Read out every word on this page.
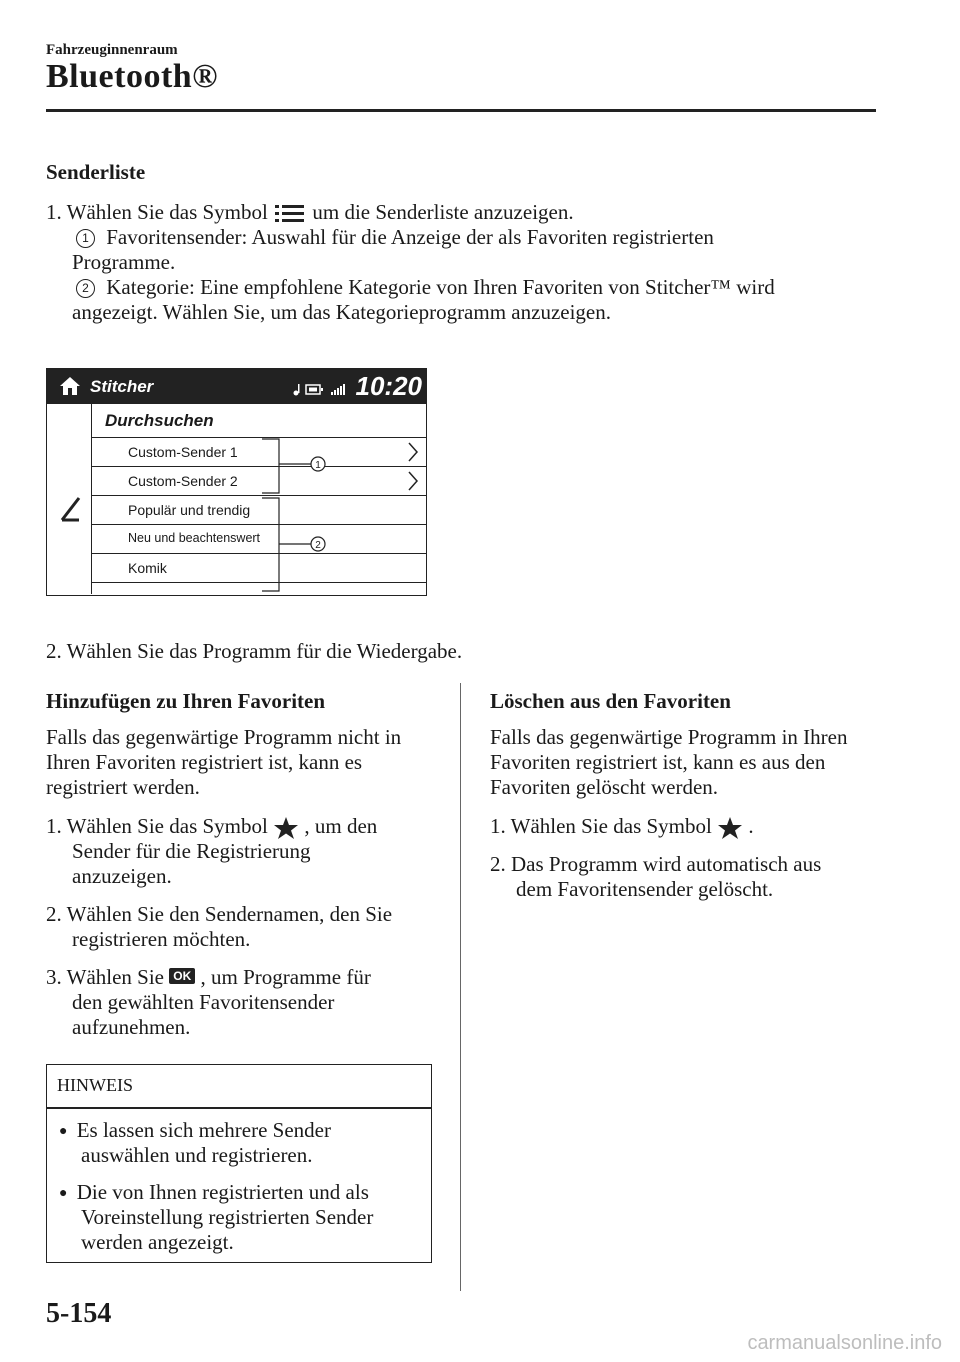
Fahrzeuginnenraum
Bluetooth®
Senderliste
1. Wählen Sie das Symbol um die Senderliste anzuzeigen.
1 Favoritensender: Auswahl für die Anzeige der als Favoriten registrierten
Programme.
2 Kategorie: Eine empfohlene Kategorie von Ihren Favoriten von Stitcher™ wird
angezeigt. Wählen Sie, um das Kategorieprogramm anzuzeigen.
Stitcher	10:20
Durchsuchen
Custom-Sender 1
Custom-Sender 2
Populär und trendig
Neu und beachtenswert
Komik
1
2
2. Wählen Sie das Programm für die Wiedergabe.
Hinzufügen zu Ihren Favoriten
Falls das gegenwärtige Programm nicht in
Ihren Favoriten registriert ist, kann es
registriert werden.
1. Wählen Sie das Symbol , um den
Sender für die Registrierung
anzuzeigen.
2. Wählen Sie den Sendernamen, den Sie
registrieren möchten.
3. Wählen Sie OK , um Programme für
den gewählten Favoritensender
aufzunehmen.
HINWEIS
● Es lassen sich mehrere Sender
auswählen und registrieren.
● Die von Ihnen registrierten und als
Voreinstellung registrierten Sender
werden angezeigt.
Löschen aus den Favoriten
Falls das gegenwärtige Programm in Ihren
Favoriten registriert ist, kann es aus den
Favoriten gelöscht werden.
1. Wählen Sie das Symbol .
2. Das Programm wird automatisch aus
dem Favoritensender gelöscht.
5-154
carmanualsonline.info
